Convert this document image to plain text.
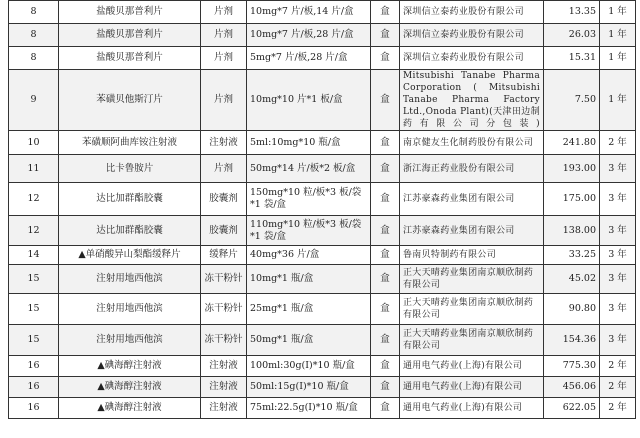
8	盐酸贝那普利片	片剂	10mg*7 片/板,14 片/盒	盒	深圳信立泰药业股份有限公司	13.35	1 年
8	盐酸贝那普利片	片剂	10mg*7 片/板,28 片/盒	盒	深圳信立泰药业股份有限公司	26.03	1 年
8	盐酸贝那普利片	片剂	5mg*7 片/板,28 片/盒	盒	深圳信立泰药业股份有限公司	15.31	1 年
9	苯磺贝他斯汀片	片剂	10mg*10 片*1 板/盒	盒	Mitsubishi Tanabe Pharma Corporation ( Mitsubishi Tanabe Pharma Factory Ltd.,Onoda Plant)(天津田边制药有限公司分包装)	7.50	1 年
10	苯磺顺阿曲库铵注射液	注射液	5ml:10mg*10 瓶/盒	盒	南京健友生化制药股份有限公司	241.80	2 年
11	比卡鲁胺片	片剂	50mg*14 片/板*2 板/盒	盒	浙江海正药业股份有限公司	193.00	3 年
12	达比加群酯胶囊	胶囊剂	150mg*10 粒/板*3 板/袋*1 袋/盒	盒	江苏豪森药业集团有限公司	175.00	3 年
12	达比加群酯胶囊	胶囊剂	110mg*10 粒/板*3 板/袋*1 袋/盒	盒	江苏豪森药业集团有限公司	138.00	3 年
14	▲单硝酸异山梨酯缓释片	缓释片	40mg*36 片/盒	盒	鲁南贝特制药有限公司	33.25	3 年
15	注射用地西他滨	冻干粉针	10mg*1 瓶/盒	盒	正大天晴药业集团南京顺欣制药有限公司	45.02	3 年
15	注射用地西他滨	冻干粉针	25mg*1 瓶/盒	盒	正大天晴药业集团南京顺欣制药有限公司	90.80	3 年
15	注射用地西他滨	冻干粉针	50mg*1 瓶/盒	盒	正大天晴药业集团南京顺欣制药有限公司	154.36	3 年
16	▲碘海醇注射液	注射液	100ml:30g(I)*10 瓶/盒	盒	通用电气药业(上海)有限公司	775.30	2 年
16	▲碘海醇注射液	注射液	50ml:15g(I)*10 瓶/盒	盒	通用电气药业(上海)有限公司	456.06	2 年
16	▲碘海醇注射液	注射液	75ml:22.5g(I)*10 瓶/盒	盒	通用电气药业(上海)有限公司	622.05	2 年
